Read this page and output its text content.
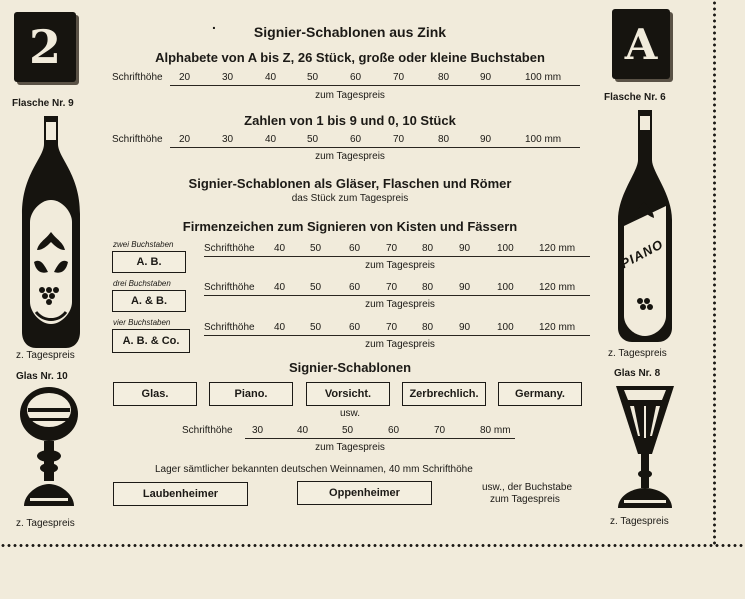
2	A
.	Signier-Schablonen aus Zink
Alphabete von A bis Z, 26 Stück, große oder kleine Buchstaben
Schrifthöhe 20	30	40	50	60	70	80	90	100 mm
zum Tagespreis
Zahlen von 1 bis 9 und 0, 10 Stück
Schrifthöhe 20	30	40	50	60	70	80	90	100 mm
zum Tagespreis
Signier-Schablonen als Gläser, Flaschen und Römer
das Stück zum Tagespreis
Firmenzeichen zum Signieren von Kisten und Fässern
zwei Buchstaben
A. B.
Schrifthöhe 40 50	60	70 80	90	100	120 mm
zum Tagespreis
drei Buchstaben
A. & B.
Schrifthöhe 40 50	60	70 80	90	100	120 mm
zum Tagespreis
vier Buchstaben
A. B. & Co.
Schrifthöhe 40 50	60	70 80	90	100	120 mm
zum Tagespreis
Signier-Schablonen
Glas.	Piano.	Vorsicht.	Zerbrechlich.	Germany.
usw.
Schrifthöhe 30	40	50	60	70	80 mm
zum Tagespreis
Lager sämtlicher bekannten deutschen Weinnamen, 40 mm Schrifthöhe
Laubenheimer	Oppenheimer	usw., der Buchstabe
zum Tagespreis
Flasche Nr. 9
z. Tagespreis
Glas Nr. 10
z. Tagespreis
Flasche Nr. 6
PIANO
z. Tagespreis
Glas Nr. 8
z. Tagespreis
